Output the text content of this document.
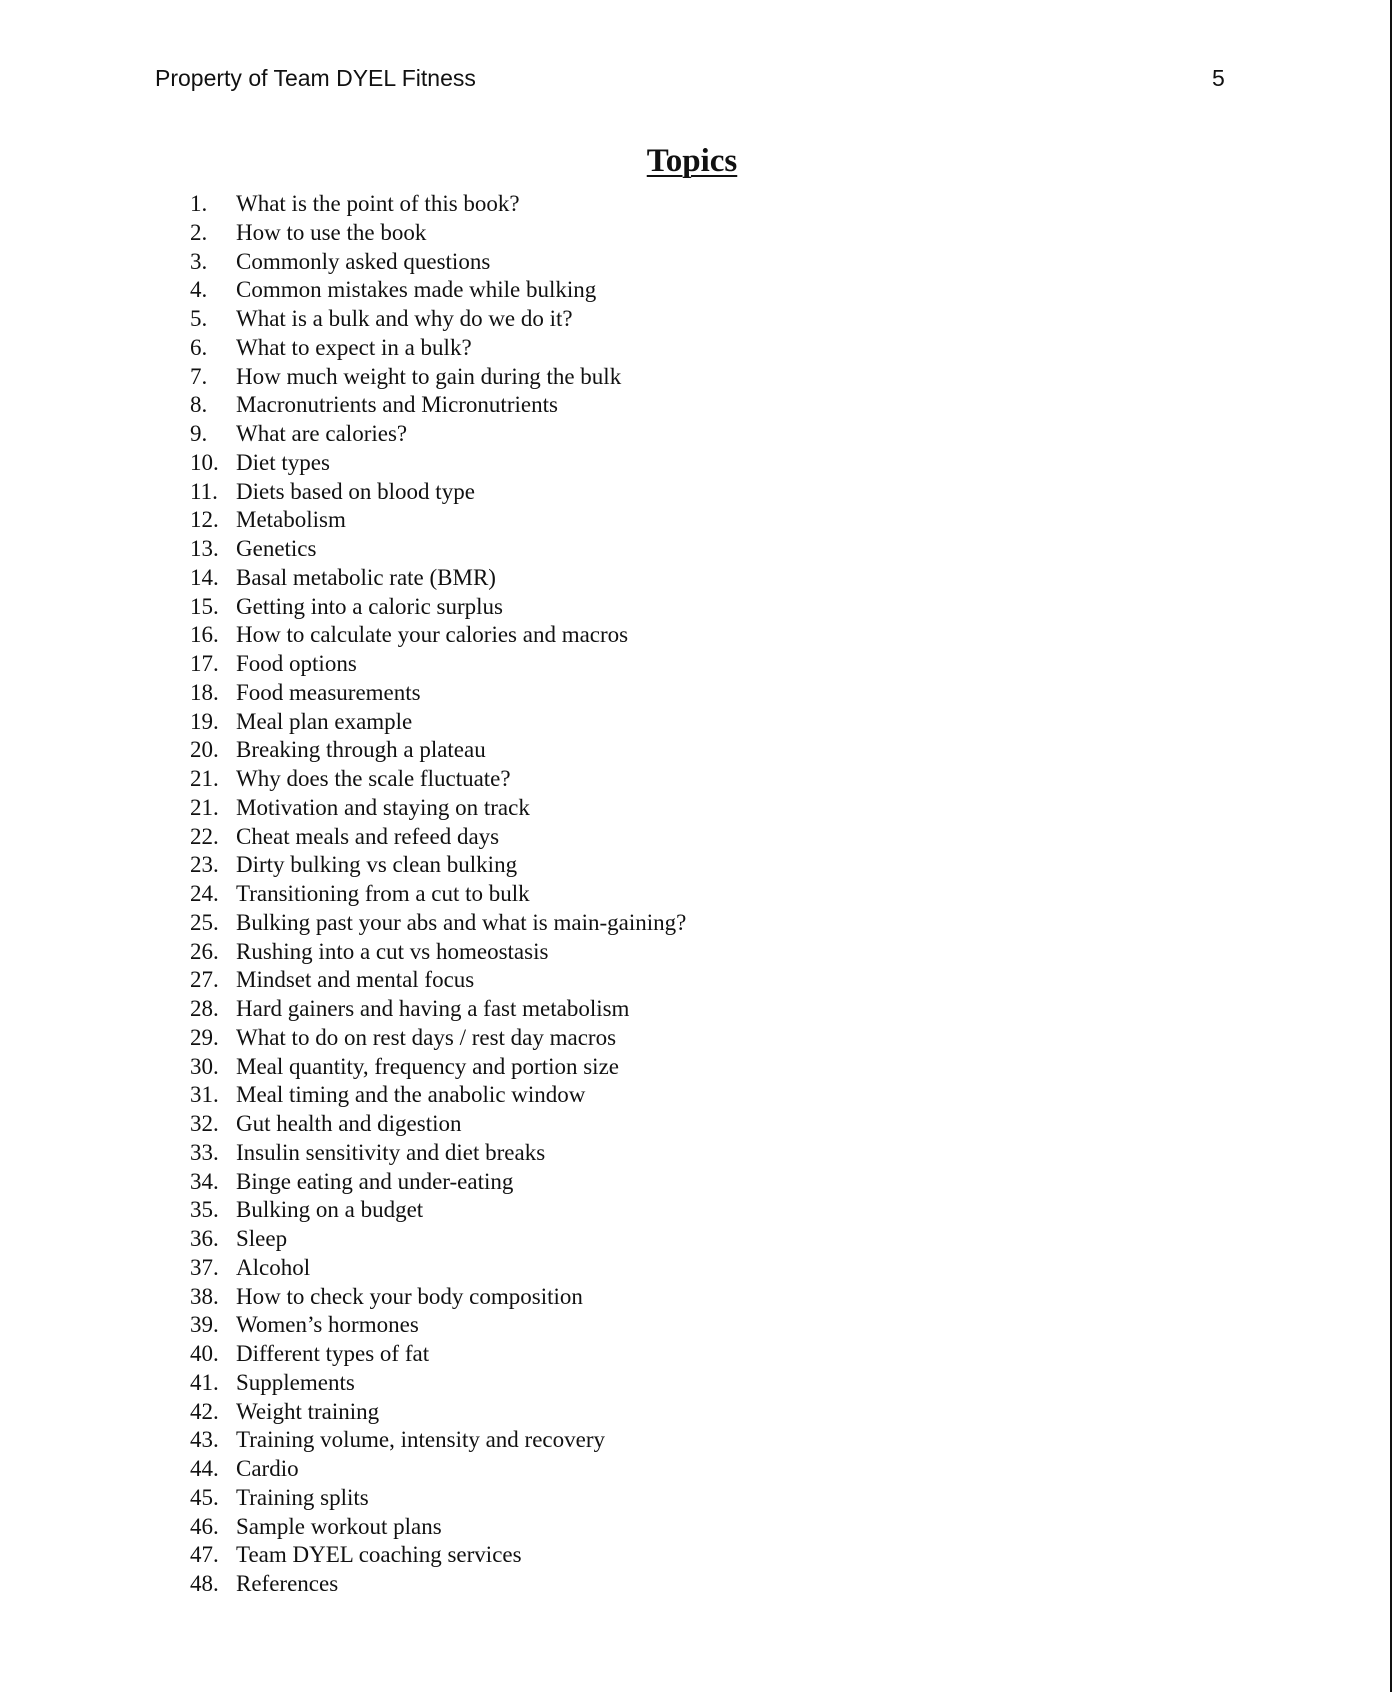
Property of Team DYEL Fitness	5
Topics
1.	What is the point of this book?
2.	How to use the book
3.	Commonly asked questions
4.	Common mistakes made while bulking
5.	What is a bulk and why do we do it?
6.	What to expect in a bulk?
7.	How much weight to gain during the bulk
8.	Macronutrients and Micronutrients
9.	What are calories?
10. Diet types
11. Diets based on blood type
12. Metabolism
13. Genetics
14. Basal metabolic rate (BMR)
15. Getting into a caloric surplus
16. How to calculate your calories and macros
17. Food options
18. Food measurements
19. Meal plan example
20. Breaking through a plateau
21. Why does the scale fluctuate?
21. Motivation and staying on track
22. Cheat meals and refeed days
23. Dirty bulking vs clean bulking
24. Transitioning from a cut to bulk
25. Bulking past your abs and what is main-gaining?
26. Rushing into a cut vs homeostasis
27. Mindset and mental focus
28. Hard gainers and having a fast metabolism
29. What to do on rest days / rest day macros
30. Meal quantity, frequency and portion size
31. Meal timing and the anabolic window
32. Gut health and digestion
33. Insulin sensitivity and diet breaks
34. Binge eating and under-eating
35. Bulking on a budget
36. Sleep
37. Alcohol
38. How to check your body composition
39. Women’s hormones
40. Different types of fat
41. Supplements
42. Weight training
43. Training volume, intensity and recovery
44. Cardio
45. Training splits
46. Sample workout plans
47. Team DYEL coaching services
48. References
